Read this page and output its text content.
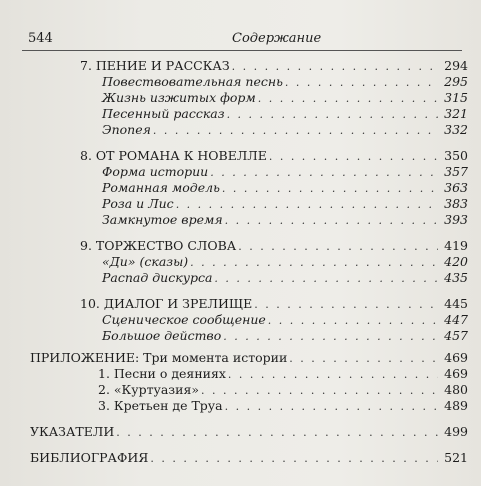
544	Содержание
7. ПЕНИЕ И РАССКАЗ . . .	294
Повествовательная песнь . . .	295
Жизнь изжитых форм . . .	315
Песенный рассказ . . .	321
Эпопея . . .	332
8. ОТ РОМАНА К НОВЕЛЛЕ . . .	350
Форма истории . . .	357
Романная модель . . .	363
Роза и Лис . . .	383
Замкнутое время . . .	393
9. ТОРЖЕСТВО СЛОВА . . .	419
«Ди» (сказы) . . .	420
Распад дискурса . . .	435
10. ДИАЛОГ И ЗРЕЛИЩЕ . . .	445
Сценическое сообщение . . .	447
Большое действо . . .	457
ПРИЛОЖЕНИЕ: Три момента истории . . .	469
1. Песни о деяниях . . .	469
2. «Куртуазия» . . .	480
3. Кретьен де Труа . . .	489
УКАЗАТЕЛИ . . .	499
БИБЛИОГРАФИЯ . . .	521
